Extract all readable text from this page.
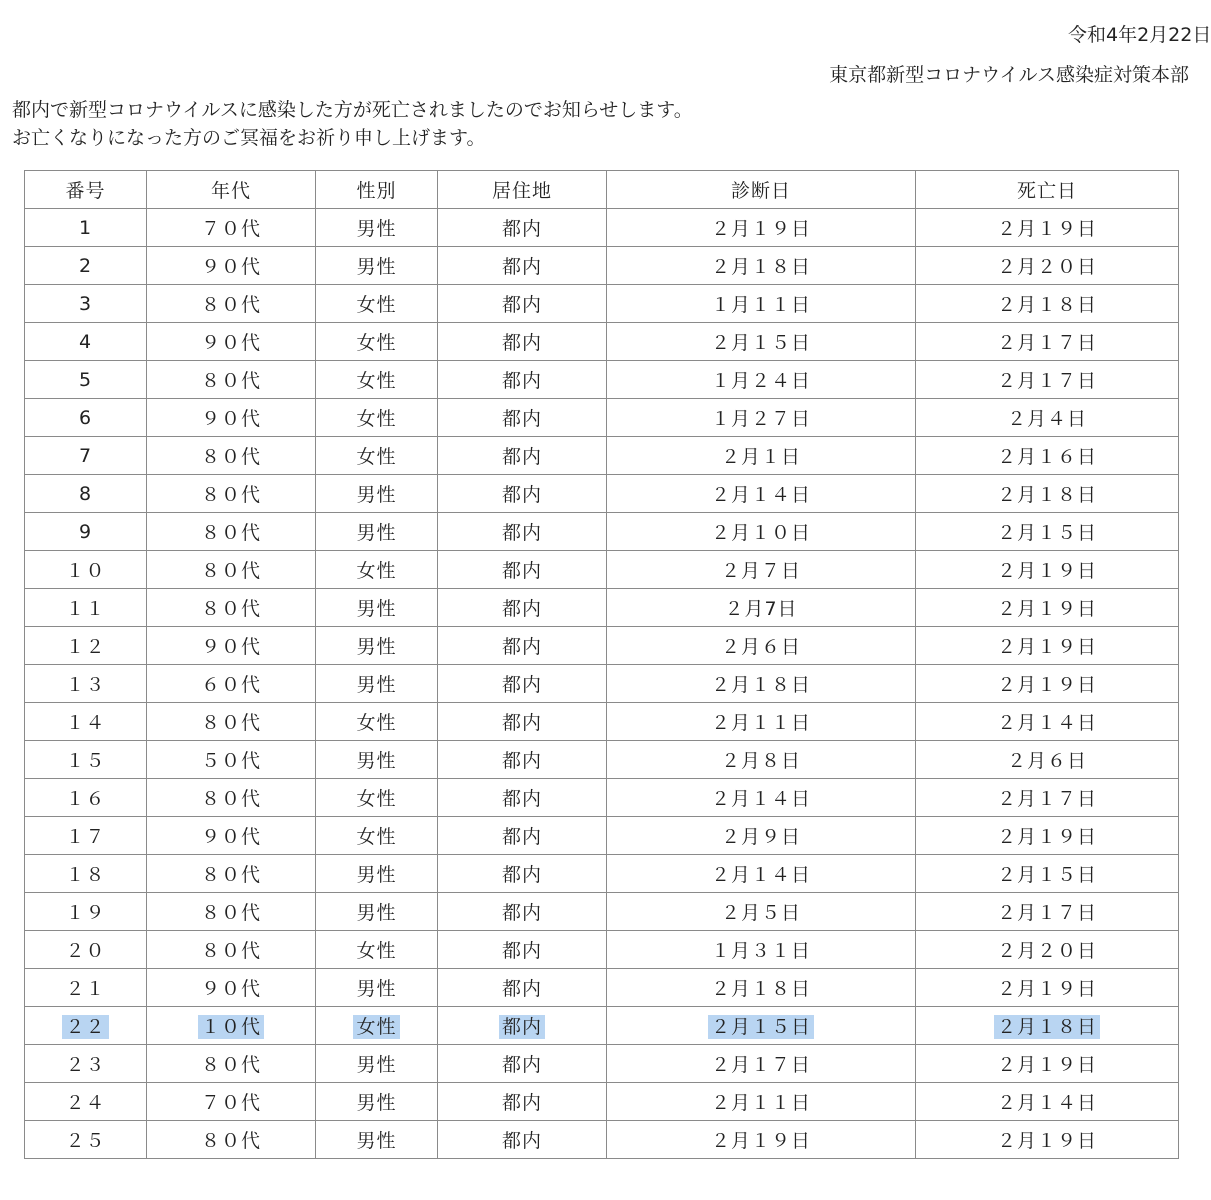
令和4年2月22日
東京都新型コロナウイルス感染症対策本部

都内で新型コロナウイルスに感染した方が死亡されましたのでお知らせします。

お亡くなりになった方のご冥福をお祈り申し上げます。

番号	年代	性別	居住地	診断日	死亡日
1	７０代	男性	都内	２月１９日	２月１９日
2	９０代	男性	都内	２月１８日	２月２０日
3	８０代	女性	都内	１月１１日	２月１８日
4	９０代	女性	都内	２月１５日	２月１７日
5	８０代	女性	都内	１月２４日	２月１７日
6	９０代	女性	都内	１月２７日	２月４日
7	８０代	女性	都内	２月１日	２月１６日
8	８０代	男性	都内	２月１４日	２月１８日
9	８０代	男性	都内	２月１０日	２月１５日
１０	８０代	女性	都内	２月７日	２月１９日
１１	８０代	男性	都内	２月7日	２月１９日
１２	９０代	男性	都内	２月６日	２月１９日
１３	６０代	男性	都内	２月１８日	２月１９日
１４	８０代	女性	都内	２月１１日	２月１４日
１５	５０代	男性	都内	２月８日	２月６日
１６	８０代	女性	都内	２月１４日	２月１７日
１７	９０代	女性	都内	２月９日	２月１９日
１８	８０代	男性	都内	２月１４日	２月１５日
１９	８０代	男性	都内	２月５日	２月１７日
２０	８０代	女性	都内	１月３１日	２月２０日
２１	９０代	男性	都内	２月１８日	２月１９日
２２	１０代	女性	都内	２月１５日	２月１８日
２３	８０代	男性	都内	２月１７日	２月１９日
２４	７０代	男性	都内	２月１１日	２月１４日
２５	８０代	男性	都内	２月１９日	２月１９日
